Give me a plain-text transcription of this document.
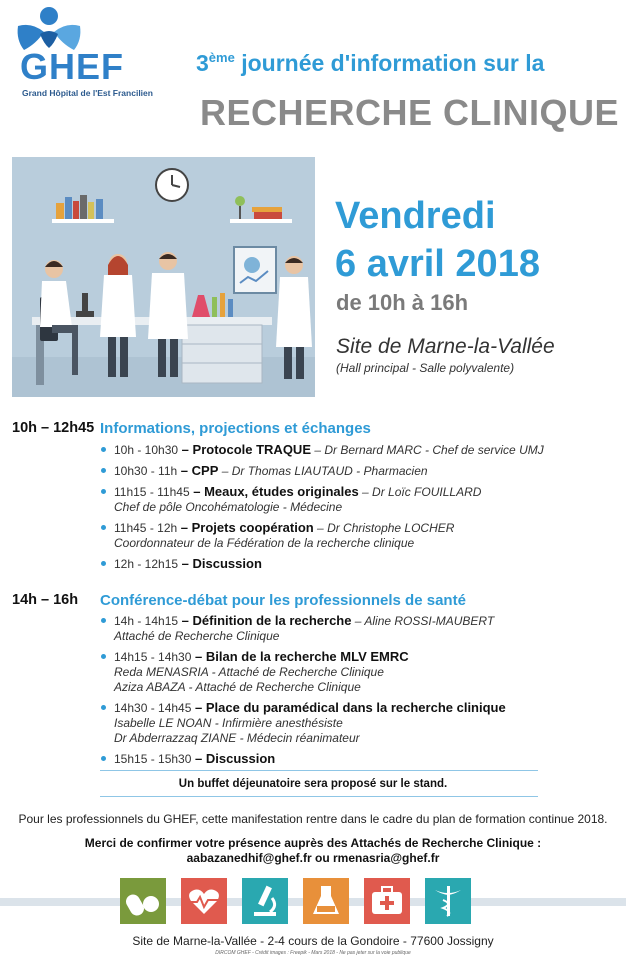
GHEF
Grand Hôpital de l'Est Francilien
3ème journée d'information sur la
RECHERCHE CLINIQUE
Vendredi
6 avril 2018
de 10h à 16h
Site de Marne-la-Vallée
(Hall principal - Salle polyvalente)
10h – 12h45 Informations, projections et échanges
10h - 10h30 – Protocole TRAQUE – Dr Bernard MARC - Chef de service UMJ
10h30 - 11h – CPP – Dr Thomas LIAUTAUD - Pharmacien
11h15 - 11h45 – Meaux, études originales – Dr Loïc FOUILLARD
Chef de pôle Oncohématologie - Médecine
11h45 - 12h – Projets coopération – Dr Christophe LOCHER
Coordonnateur de la Fédération de la recherche clinique
12h - 12h15 – Discussion
14h – 16h Conférence-débat pour les professionnels de santé
14h - 14h15 – Définition de la recherche – Aline ROSSI-MAUBERT
Attaché de Recherche Clinique
14h15 - 14h30 – Bilan de la recherche MLV EMRC
Reda MENASRIA - Attaché de Recherche Clinique
Aziza ABAZA - Attaché de Recherche Clinique
14h30 - 14h45 – Place du paramédical dans la recherche clinique
Isabelle LE NOAN - Infirmière anesthésiste
Dr Abderrazzaq ZIANE - Médecin réanimateur
15h15 - 15h30 – Discussion
Un buffet déjeunatoire sera proposé sur le stand.
Pour les professionnels du GHEF, cette manifestation rentre dans le cadre du plan de formation continue 2018.
Merci de confirmer votre présence auprès des Attachés de Recherche Clinique :
aabazanedhif@ghef.fr ou rmenasria@ghef.fr
Site de Marne-la-Vallée - 2-4 cours de la Gondoire - 77600 Jossigny
DIRCOM GHEF - Crédit images : Freepik - Mars 2018 - Ne pas jeter sur la voie publique
